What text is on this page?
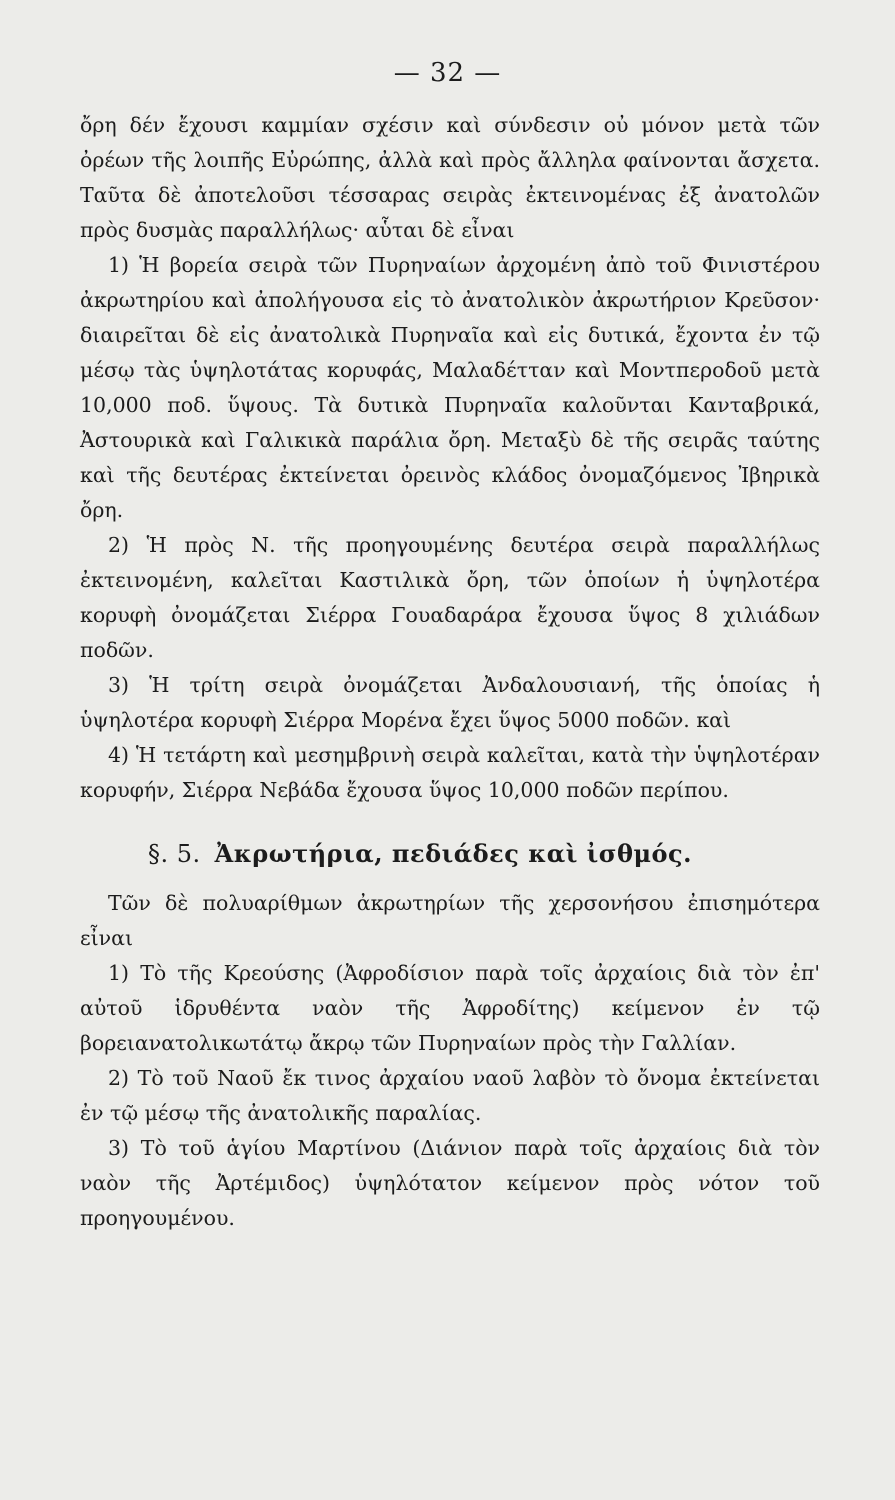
— 32 —

ὄρη δέν ἔχουσι καμμίαν σχέσιν καὶ σύνδεσιν οὐ μόνον μετὰ τῶν ὀρέων τῆς λοιπῆς Εὐρώπης, ἀλλὰ καὶ πρὸς ἄλληλα φαίνονται ἄσχετα. Ταῦτα δὲ ἀποτελοῦσι τέσσαρας σειρὰς ἐκτεινομένας ἐξ ἀνατολῶν πρὸς δυσμὰς παραλλήλως· αὗται δὲ εἶναι

1) Ἡ βορεία σειρὰ τῶν Πυρηναίων ἀρχομένη ἀπὸ τοῦ Φινιστέρου ἀκρωτηρίου καὶ ἀπολήγουσα εἰς τὸ ἀνατολικὸν ἀκρωτήριον Κρεῦσον· διαιρεῖται δὲ εἰς ἀνατολικὰ Πυρηναῖα καὶ εἰς δυτικά, ἔχοντα ἐν τῷ μέσῳ τὰς ὑψηλοτάτας κορυφάς, Μαλαδέτταν καὶ Μοντπεροδοῦ μετὰ 10,000 ποδ. ὕψους. Τὰ δυτικὰ Πυρηναῖα καλοῦνται Κανταβρικά, Ἀστουρικὰ καὶ Γαλικικὰ παράλια ὄρη. Μεταξὺ δὲ τῆς σειρᾶς ταύτης καὶ τῆς δευτέρας ἐκτείνεται ὀρεινὸς κλάδος ὀνομαζόμενος Ἰβηρικὰ ὄρη.

2) Ἡ πρὸς Ν. τῆς προηγουμένης δευτέρα σειρὰ παραλλήλως ἐκτεινομένη, καλεῖται Καστιλικὰ ὄρη, τῶν ὁποίων ἡ ὑψηλοτέρα κορυφὴ ὀνομάζεται Σιέρρα Γουαδαράρα ἔχουσα ὕψος 8 χιλιάδων ποδῶν.

3) Ἡ τρίτη σειρὰ ὀνομάζεται Ἀνδαλουσιανή, τῆς ὁποίας ἡ ὑψηλοτέρα κορυφὴ Σιέρρα Μορένα ἔχει ὕψος 5000 ποδῶν. καὶ

4) Ἡ τετάρτη καὶ μεσημβρινὴ σειρὰ καλεῖται, κατὰ τὴν ὑψηλοτέραν κορυφήν, Σιέρρα Νεβάδα ἔχουσα ὕψος 10,000 ποδῶν περίπου.

§. 5. Ἀκρωτήρια, πεδιάδες καὶ ἰσθμός.

Τῶν δὲ πολυαρίθμων ἀκρωτηρίων τῆς χερσονήσου ἐπισημότερα εἶναι

1) Τὸ τῆς Κρεούσης (Ἀφροδίσιον παρὰ τοῖς ἀρχαίοις διὰ τὸν ἐπ' αὐτοῦ ἱδρυθέντα ναὸν τῆς Ἀφροδίτης) κείμενον ἐν τῷ βορειανατολικωτάτῳ ἄκρῳ τῶν Πυρηναίων πρὸς τὴν Γαλλίαν.

2) Τὸ τοῦ Ναοῦ ἔκ τινος ἀρχαίου ναοῦ λαβὸν τὸ ὄνομα ἐκτείνεται ἐν τῷ μέσῳ τῆς ἀνατολικῆς παραλίας.

3) Τὸ τοῦ ἁγίου Μαρτίνου (Διάνιον παρὰ τοῖς ἀρχαίοις διὰ τὸν ναὸν τῆς Ἀρτέμιδος) ὑψηλότατον κείμενον πρὸς νότον τοῦ προηγουμένου.
